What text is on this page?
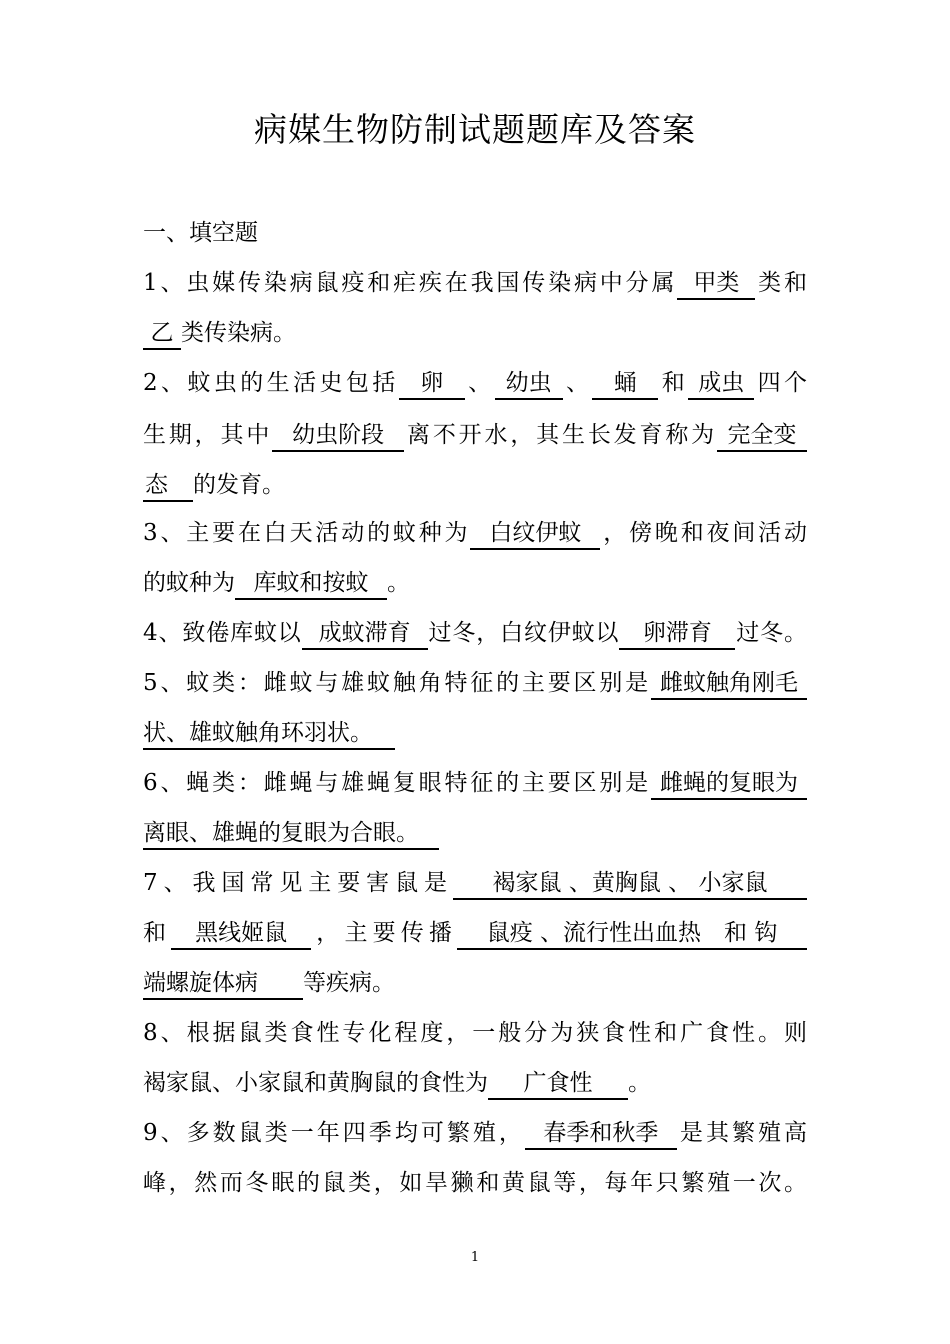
病媒生物防制试题题库及答案
一、填空题
1、虫媒传染病鼠疫和疟疾在我国传染病中分属 甲类 类和
乙 类传染病。
2、蚊虫的生活史包括 卵 、 幼虫 、 蛹 和 成虫 四个
生期，其中 幼虫阶段 离不开水，其生长发育称为 完全变
态 的发育。
3、主要在白天活动的蚊种为 白纹伊蚊 ，傍晚和夜间活动
的蚊种为 库蚊和按蚊 。
4、致倦库蚊以 成蚊滞育 过冬，白纹伊蚊以 卵滞育 过冬。
5、蚊类：雌蚊与雄蚊触角特征的主要区别是 雌蚊触角刚毛
状、雄蚊触角环羽状。
6、蝇类：雌蝇与雄蝇复眼特征的主要区别是 雌蝇的复眼为
离眼、雄蝇的复眼为合眼。
7、我国常见主要害鼠是 褐家鼠 、黄胸鼠 、 小家鼠
和 黑线姬鼠 ，主要传播 鼠疫 、流行性出血热　和 钩
端螺旋体病 等疾病。
8、根据鼠类食性专化程度，一般分为狭食性和广食性。则
褐家鼠、小家鼠和黄胸鼠的食性为 广食性 。
9、多数鼠类一年四季均可繁殖， 春季和秋季 是其繁殖高
峰，然而冬眠的鼠类，如旱獭和黄鼠等，每年只繁殖一次。
1
